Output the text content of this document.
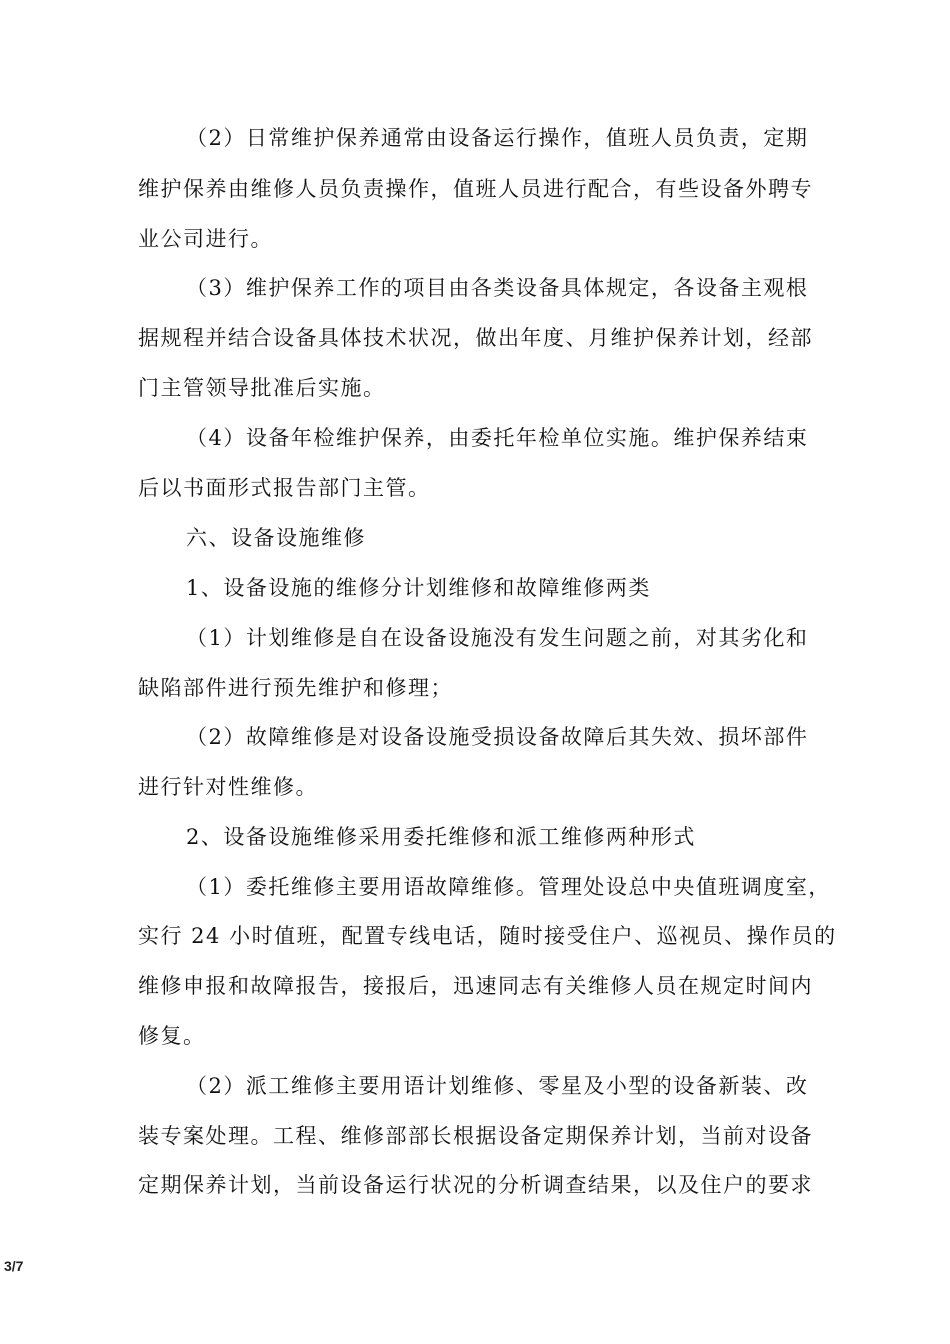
（2）日常维护保养通常由设备运行操作，值班人员负责，定期
维护保养由维修人员负责操作，值班人员进行配合，有些设备外聘专
业公司进行。
（3）维护保养工作的项目由各类设备具体规定，各设备主观根
据规程并结合设备具体技术状况，做出年度、月维护保养计划，经部
门主管领导批准后实施。
（4）设备年检维护保养，由委托年检单位实施。维护保养结束
后以书面形式报告部门主管。
六、设备设施维修
1、设备设施的维修分计划维修和故障维修两类
（1）计划维修是自在设备设施没有发生问题之前，对其劣化和
缺陷部件进行预先维护和修理；
（2）故障维修是对设备设施受损设备故障后其失效、损坏部件
进行针对性维修。
2、设备设施维修采用委托维修和派工维修两种形式
（1）委托维修主要用语故障维修。管理处设总中央值班调度室，
实行 24 小时值班，配置专线电话，随时接受住户、巡视员、操作员的
维修申报和故障报告，接报后，迅速同志有关维修人员在规定时间内
修复。
（2）派工维修主要用语计划维修、零星及小型的设备新装、改
装专案处理。工程、维修部部长根据设备定期保养计划，当前对设备
定期保养计划，当前设备运行状况的分析调查结果，以及住户的要求
3/7
